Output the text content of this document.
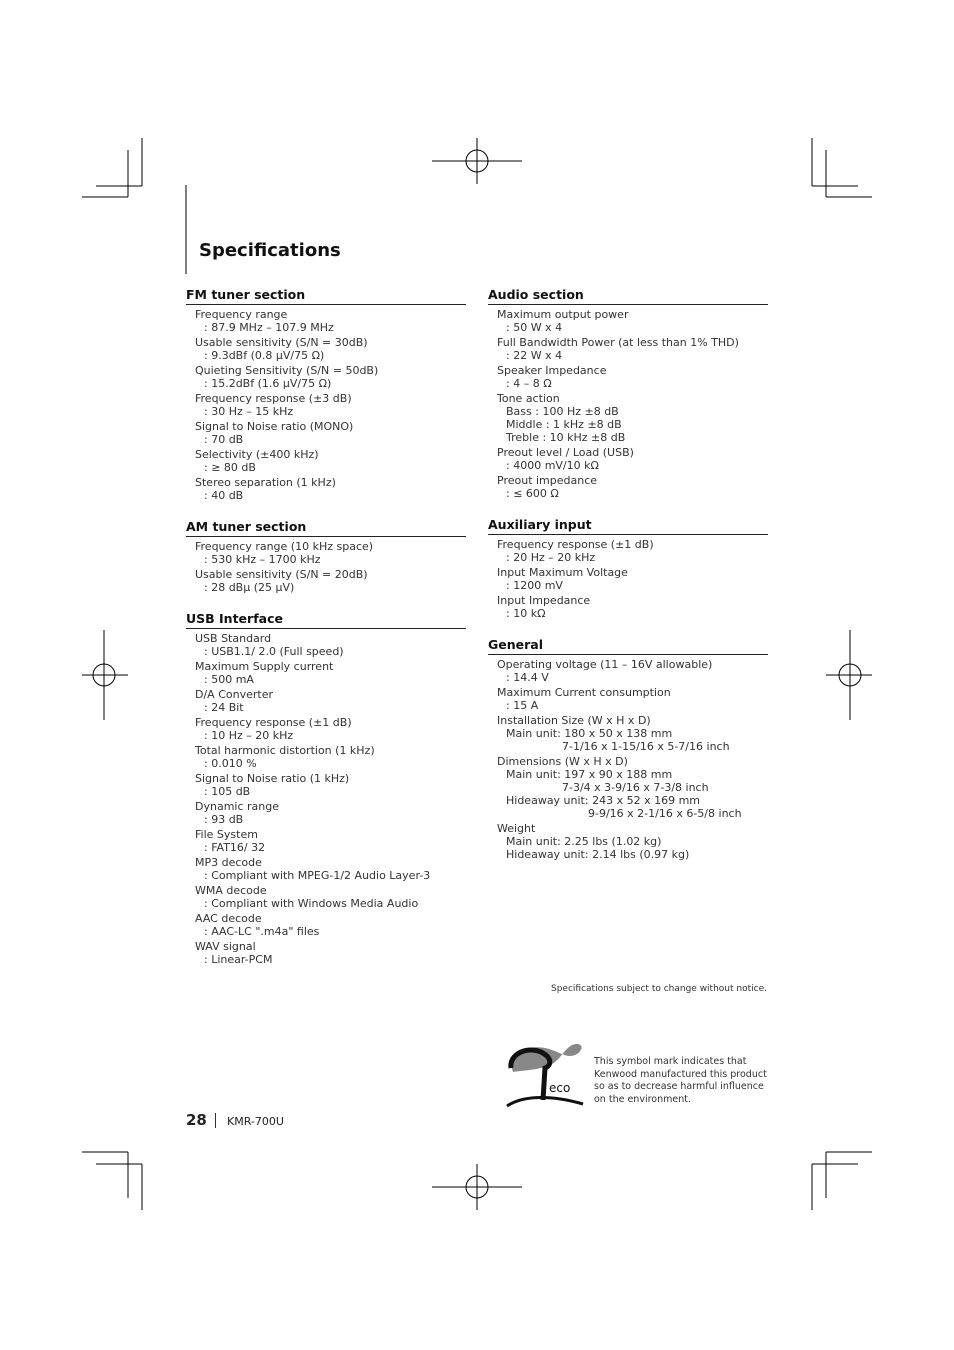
Specifications
FM tuner section
Frequency range
: 87.9 MHz – 107.9 MHz
Usable sensitivity (S/N = 30dB)
: 9.3dBf (0.8 µV/75 Ω)
Quieting Sensitivity (S/N = 50dB)
: 15.2dBf (1.6 µV/75 Ω)
Frequency response (±3 dB)
: 30 Hz – 15 kHz
Signal to Noise ratio (MONO)
: 70 dB
Selectivity (±400 kHz)
: ≥ 80 dB
Stereo separation (1 kHz)
: 40 dB
AM tuner section
Frequency range (10 kHz space)
: 530 kHz – 1700 kHz
Usable sensitivity (S/N = 20dB)
: 28 dBµ (25 µV)
USB Interface
USB Standard
: USB1.1/ 2.0 (Full speed)
Maximum Supply current
: 500 mA
D/A Converter
: 24 Bit
Frequency response (±1 dB)
: 10 Hz – 20 kHz
Total harmonic distortion (1 kHz)
: 0.010 %
Signal to Noise ratio (1 kHz)
: 105 dB
Dynamic range
: 93 dB
File System
: FAT16/ 32
MP3 decode
: Compliant with MPEG-1/2 Audio Layer-3
WMA decode
: Compliant with Windows Media Audio
AAC decode
: AAC-LC ".m4a" files
WAV signal
: Linear-PCM
Audio section
Maximum output power
: 50 W x 4
Full Bandwidth Power (at less than 1% THD)
: 22 W x 4
Speaker Impedance
: 4 – 8 Ω
Tone action
Bass : 100 Hz ±8 dB
Middle : 1 kHz ±8 dB
Treble : 10 kHz ±8 dB
Preout level / Load (USB)
: 4000 mV/10 kΩ
Preout impedance
: ≤ 600 Ω
Auxiliary input
Frequency response (±1 dB)
: 20 Hz – 20 kHz
Input Maximum Voltage
: 1200 mV
Input Impedance
: 10 kΩ
General
Operating voltage (11 – 16V allowable)
: 14.4 V
Maximum Current consumption
: 15 A
Installation Size (W x H x D)
Main unit: 180 x 50 x 138 mm
7-1/16 x 1-15/16 x 5-7/16 inch
Dimensions (W x H x D)
Main unit: 197 x 90 x 188 mm
7-3/4 x 3-9/16 x 7-3/8 inch
Hideaway unit: 243 x 52 x 169 mm
9-9/16 x 2-1/16 x 6-5/8 inch
Weight
Main unit: 2.25 lbs (1.02 kg)
Hideaway unit: 2.14 lbs (0.97 kg)
Specifications subject to change without notice.
eco
This symbol mark indicates that Kenwood manufactured this product so as to decrease harmful influence on the environment.
28 KMR-700U
